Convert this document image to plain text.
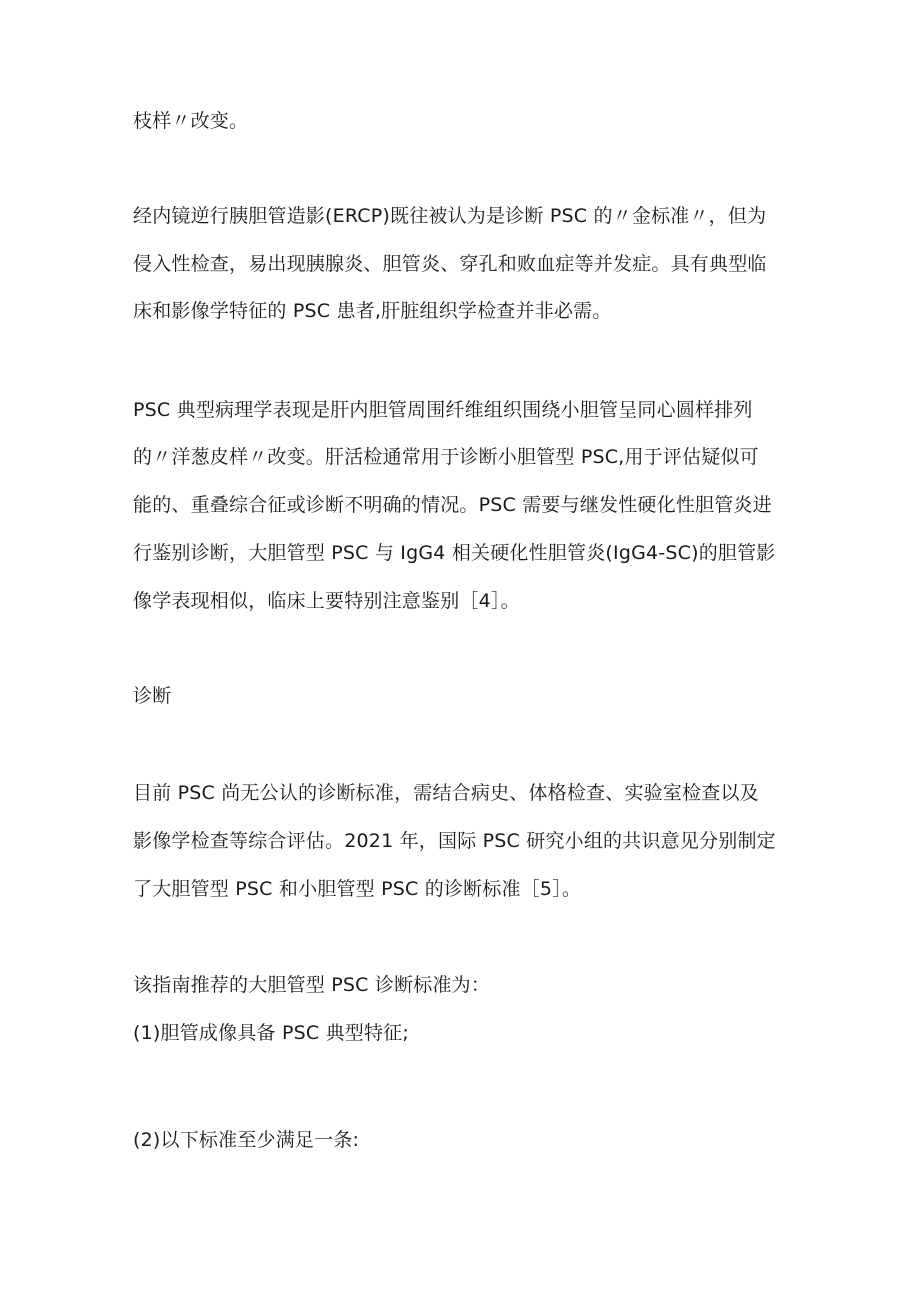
枝样〃改变。
经内镜逆行胰胆管造影(ERCP)既往被认为是诊断 PSC 的〃金标准〃，但为
侵入性检查，易出现胰腺炎、胆管炎、穿孔和败血症等并发症。具有典型临
床和影像学特征的 PSC 患者,肝脏组织学检查并非必需。
PSC 典型病理学表现是肝内胆管周围纤维组织围绕小胆管呈同心圆样排列
的〃洋葱皮样〃改变。肝活检通常用于诊断小胆管型 PSC,用于评估疑似可
能的、重叠综合征或诊断不明确的情况。PSC 需要与继发性硬化性胆管炎进
行鉴别诊断，大胆管型 PSC 与 IgG4 相关硬化性胆管炎(IgG4-SC)的胆管影
像学表现相似，临床上要特别注意鉴别［4］。
诊断
目前 PSC 尚无公认的诊断标准，需结合病史、体格检查、实验室检查以及
影像学检查等综合评估。2021 年，国际 PSC 研究小组的共识意见分别制定
了大胆管型 PSC 和小胆管型 PSC 的诊断标准［5］。
该指南推荐的大胆管型 PSC 诊断标准为：
(1)胆管成像具备 PSC 典型特征;
(2)以下标准至少满足一条:
